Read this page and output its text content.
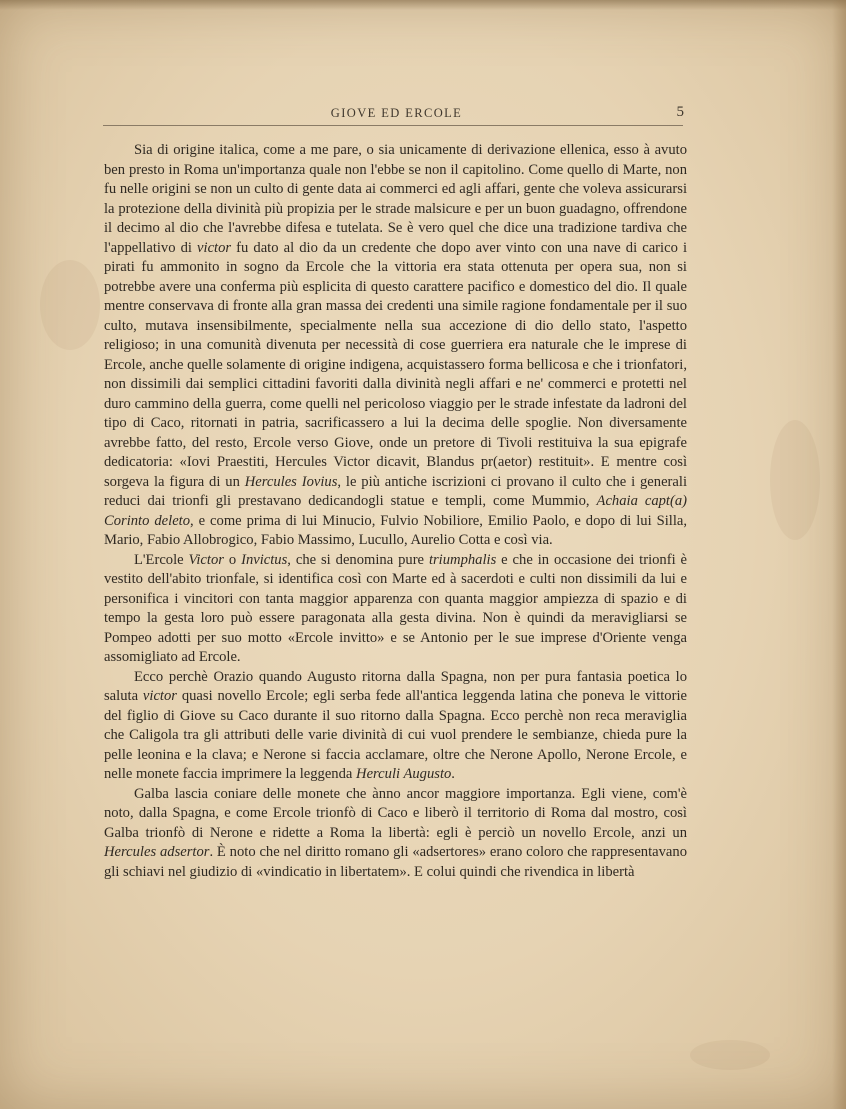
GIOVE ED ERCOLE	5

Sia di origine italica, come a me pare, o sia unicamente di derivazione ellenica, esso à avuto ben presto in Roma un'importanza quale non l'ebbe se non il capitolino. Come quello di Marte, non fu nelle origini se non un culto di gente data ai commerci ed agli affari, gente che voleva assicurarsi la protezione della divinità più propizia per le strade malsicure e per un buon guadagno, offrendone il decimo al dio che l'avrebbe difesa e tutelata. Se è vero quel che dice una tradizione tardiva che l'appellativo di victor fu dato al dio da un credente che dopo aver vinto con una nave di carico i pirati fu ammonito in sogno da Ercole che la vittoria era stata ottenuta per opera sua, non si potrebbe avere una conferma più esplicita di questo carattere pacifico e domestico del dio. Il quale mentre conservava di fronte alla gran massa dei credenti una simile ragione fondamentale per il suo culto, mutava insensibilmente, specialmente nella sua accezione di dio dello stato, l'aspetto religioso; in una comunità divenuta per necessità di cose guerriera era naturale che le imprese di Ercole, anche quelle solamente di origine indigena, acquistassero forma bellicosa e che i trionfatori, non dissimili dai semplici cittadini favoriti dalla divinità negli affari e ne' commerci e protetti nel duro cammino della guerra, come quelli nel pericoloso viaggio per le strade infestate da ladroni del tipo di Caco, ritornati in patria, sacrificassero a lui la decima delle spoglie. Non diversamente avrebbe fatto, del resto, Ercole verso Giove, onde un pretore di Tivoli restituiva la sua epigrafe dedicatoria: «Iovi Praestiti, Hercules Victor dicavit, Blandus pr(aetor) restituit». E mentre così sorgeva la figura di un Hercules Iovius, le più antiche iscrizioni ci provano il culto che i generali reduci dai trionfi gli prestavano dedicandogli statue e templi, come Mummio, Achaia capt(a) Corinto deleto, e come prima di lui Minucio, Fulvio Nobiliore, Emilio Paolo, e dopo di lui Silla, Mario, Fabio Allobrogico, Fabio Massimo, Lucullo, Aurelio Cotta e così via.

L'Ercole Victor o Invictus, che si denomina pure triumphalis e che in occasione dei trionfi è vestito dell'abito trionfale, si identifica così con Marte ed à sacerdoti e culti non dissimili da lui e personifica i vincitori con tanta maggior apparenza con quanta maggior ampiezza di spazio e di tempo la gesta loro può essere paragonata alla gesta divina. Non è quindi da meravigliarsi se Pompeo adotti per suo motto «Ercole invitto» e se Antonio per le sue imprese d'Oriente venga assomigliato ad Ercole.

Ecco perchè Orazio quando Augusto ritorna dalla Spagna, non per pura fantasia poetica lo saluta victor quasi novello Ercole; egli serba fede all'antica leggenda latina che poneva le vittorie del figlio di Giove su Caco durante il suo ritorno dalla Spagna. Ecco perchè non reca meraviglia che Caligola tra gli attributi delle varie divinità di cui vuol prendere le sembianze, chieda pure la pelle leonina e la clava; e Nerone si faccia acclamare, oltre che Nerone Apollo, Nerone Ercole, e nelle monete faccia imprimere la leggenda Herculi Augusto.

Galba lascia coniare delle monete che ànno ancor maggiore importanza. Egli viene, com'è noto, dalla Spagna, e come Ercole trionfò di Caco e liberò il territorio di Roma dal mostro, così Galba trionfò di Nerone e ridette a Roma la libertà: egli è perciò un novello Ercole, anzi un Hercules adsertor. È noto che nel diritto romano gli «adsertores» erano coloro che rappresentavano gli schiavi nel giudizio di «vindicatio in libertatem». E colui quindi che rivendica in libertà
